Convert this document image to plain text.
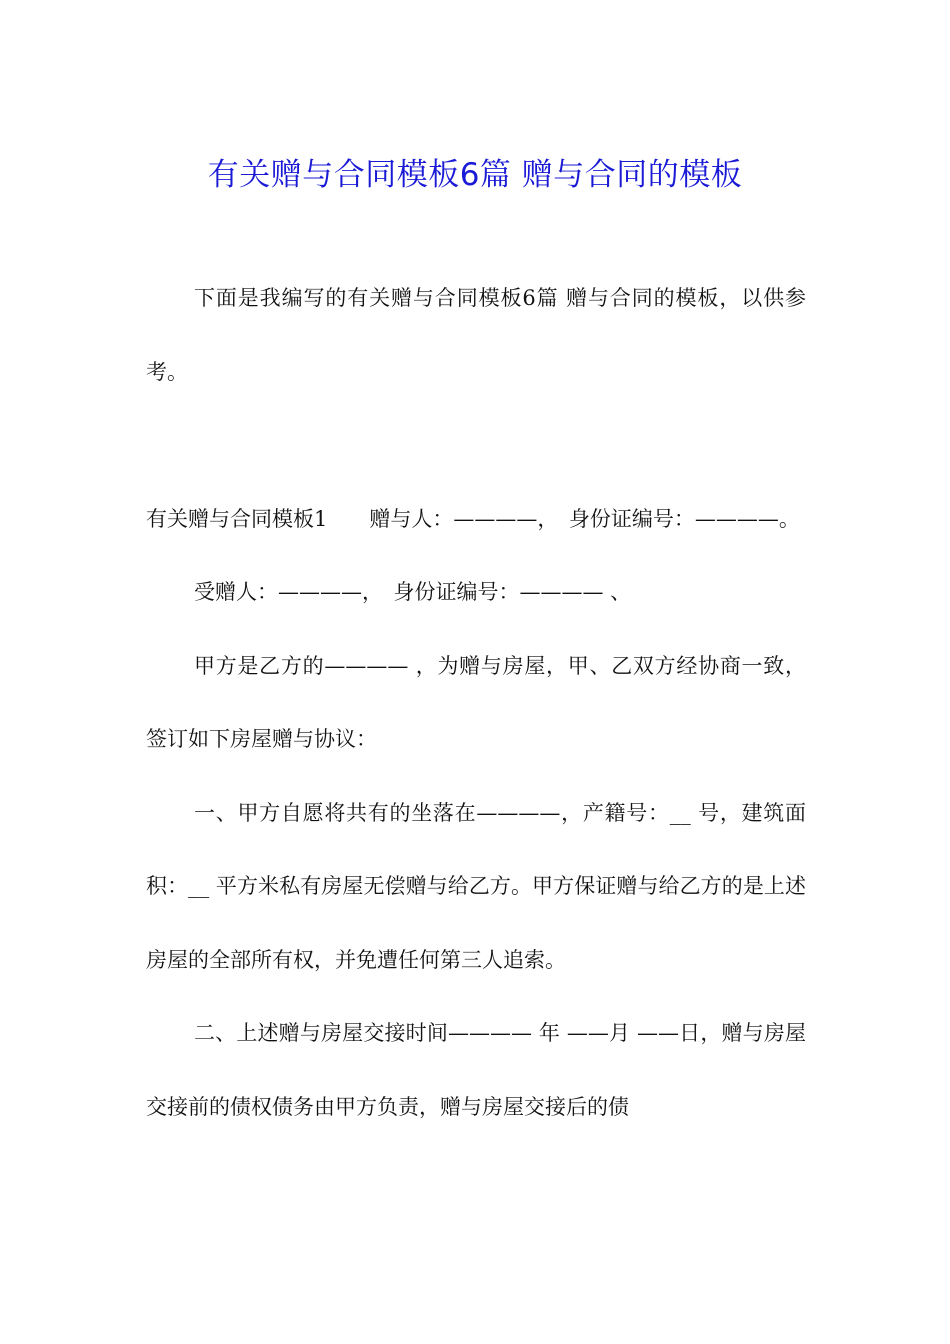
有关赠与合同模板6篇 赠与合同的模板

下面是我编写的有关赠与合同模板6篇 赠与合同的模板，以供参考。

有关赠与合同模板1　　赠与人：————，　身份证编号：————。

受赠人：————，　身份证编号：———— 、

甲方是乙方的———— ，为赠与房屋，甲、乙双方经协商一致，签订如下房屋赠与协议：

一、甲方自愿将共有的坐落在————，产籍号：__ 号，建筑面积：__ 平方米私有房屋无偿赠与给乙方。甲方保证赠与给乙方的是上述房屋的全部所有权，并免遭任何第三人追索。

二、上述赠与房屋交接时间———— 年 ——月 ——日，赠与房屋交接前的债权债务由甲方负责，赠与房屋交接后的债
